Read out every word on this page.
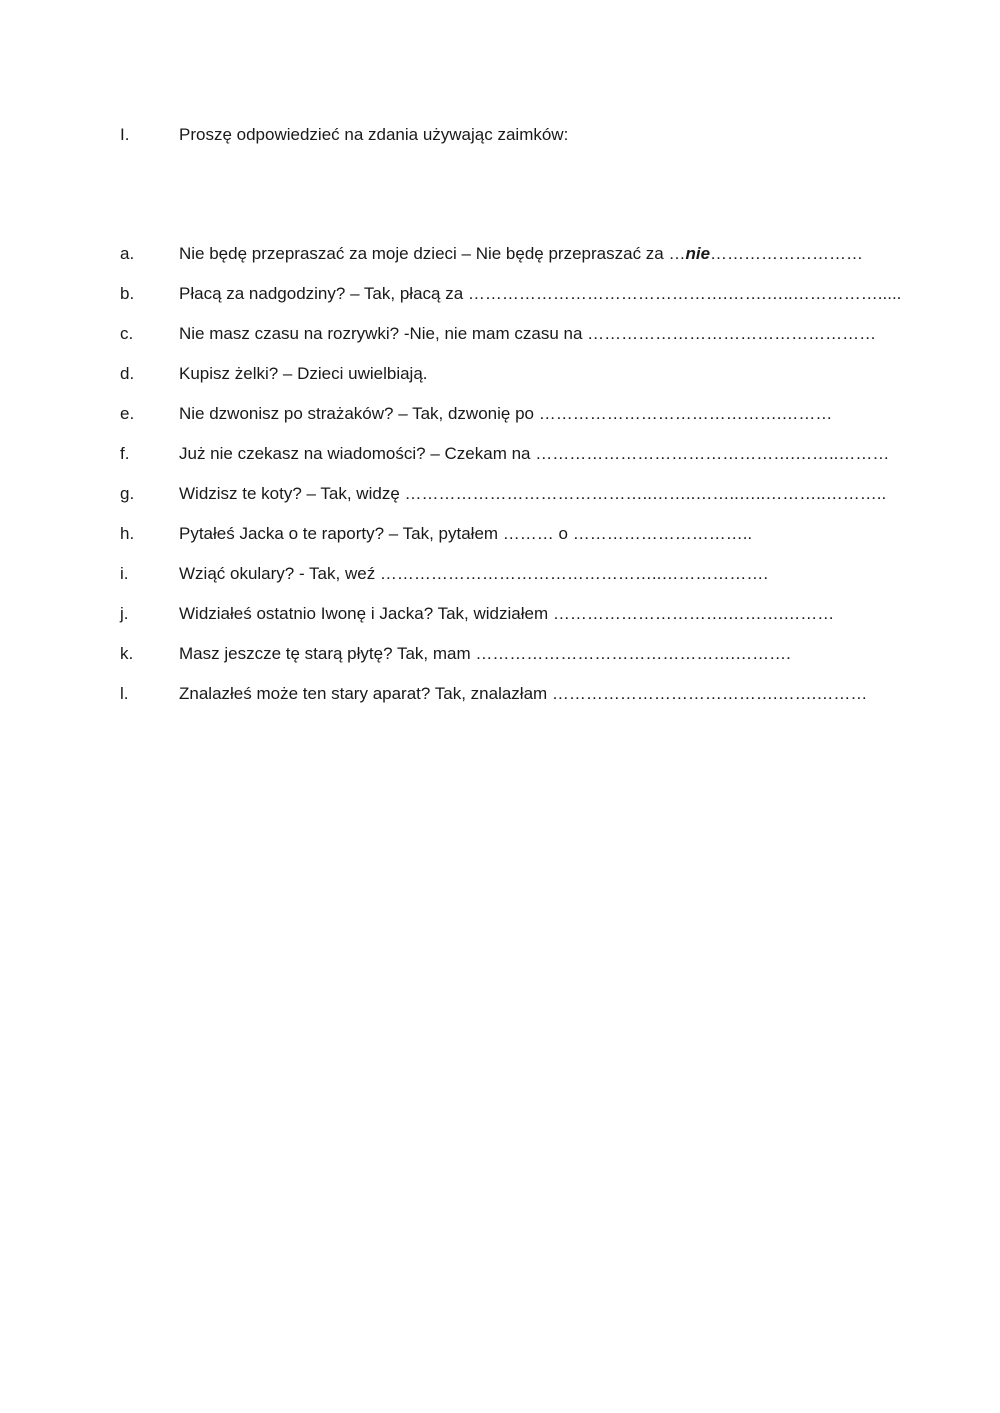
I.	Proszę odpowiedzieć na zdania używając zaimków:
a.	Nie będę przepraszać za moje dzieci – Nie będę przepraszać za …nie………………………
b.	Płacą za nadgodziny? – Tak, płacą za ……………………………………….…….…..…………….....
c.	Nie masz czasu na rozrywki? -Nie, nie mam czasu na ……………………………………………
d.	Kupisz żelki? – Dzieci uwielbiają.
e.	Nie dzwonisz po strażaków? – Tak, dzwonię po …………………………………….………
f.	Już nie czekasz na wiadomości? – Czekam na ……………………………………….……..………
g.	Widzisz te koty? – Tak, widzę ……………………………………..……..……..…..………..………..
h.	Pytałeś Jacka o te raporty? – Tak, pytałem ……… o …………………………..
i.	Wziąć okulary? - Tak, weź …………………………………………..……………….
j.	Widziałeś ostatnio Iwonę i Jacka? Tak, widziałem ………………………….……….………
k.	Masz jeszcze tę starą płytę? Tak, mam ……………………………………….……….
l.	Znalazłeś może ten stary aparat? Tak, znalazłam ………………………………….…….………
